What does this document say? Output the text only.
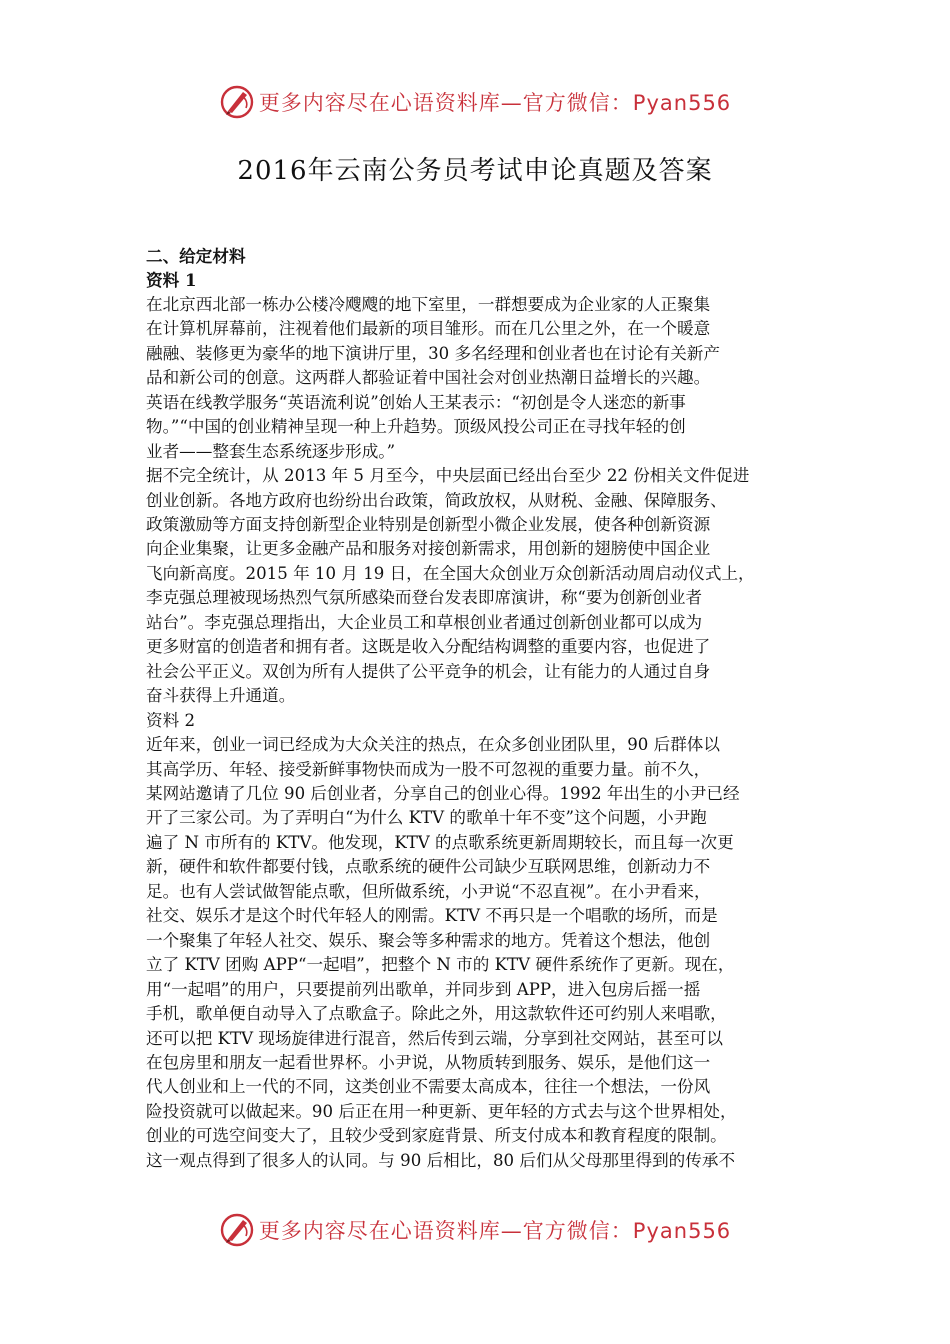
更多内容尽在心语资料库—官方微信：Pyan556
2016年云南公务员考试申论真题及答案
二、给定材料
资料 1
在北京西北部一栋办公楼冷飕飕的地下室里，一群想要成为企业家的人正聚集
在计算机屏幕前，注视着他们最新的项目雏形。而在几公里之外，在一个暖意
融融、装修更为豪华的地下演讲厅里，30 多名经理和创业者也在讨论有关新产
品和新公司的创意。这两群人都验证着中国社会对创业热潮日益增长的兴趣。
英语在线教学服务“英语流利说”创始人王某表示：“初创是令人迷恋的新事
物。”“中国的创业精神呈现一种上升趋势。顶级风投公司正在寻找年轻的创
业者——整套生态系统逐步形成。”
据不完全统计，从 2013 年 5 月至今，中央层面已经出台至少 22 份相关文件促进
创业创新。各地方政府也纷纷出台政策，简政放权，从财税、金融、保障服务、
政策激励等方面支持创新型企业特别是创新型小微企业发展，使各种创新资源
向企业集聚，让更多金融产品和服务对接创新需求，用创新的翅膀使中国企业
飞向新高度。2015 年 10 月 19 日，在全国大众创业万众创新活动周启动仪式上，
李克强总理被现场热烈气氛所感染而登台发表即席演讲，称“要为创新创业者
站台”。李克强总理指出，大企业员工和草根创业者通过创新创业都可以成为
更多财富的创造者和拥有者。这既是收入分配结构调整的重要内容，也促进了
社会公平正义。双创为所有人提供了公平竞争的机会，让有能力的人通过自身
奋斗获得上升通道。
资料 2
近年来，创业一词已经成为大众关注的热点，在众多创业团队里，90 后群体以
其高学历、年轻、接受新鲜事物快而成为一股不可忽视的重要力量。前不久，
某网站邀请了几位 90 后创业者，分享自己的创业心得。1992 年出生的小尹已经
开了三家公司。为了弄明白“为什么 KTV 的歌单十年不变”这个问题，小尹跑
遍了 N 市所有的 KTV。他发现，KTV 的点歌系统更新周期较长，而且每一次更
新，硬件和软件都要付钱，点歌系统的硬件公司缺少互联网思维，创新动力不
足。也有人尝试做智能点歌，但所做系统，小尹说“不忍直视”。在小尹看来，
社交、娱乐才是这个时代年轻人的刚需。KTV 不再只是一个唱歌的场所，而是
一个聚集了年轻人社交、娱乐、聚会等多种需求的地方。凭着这个想法，他创
立了 KTV 团购 APP“一起唱”，把整个 N 市的 KTV 硬件系统作了更新。现在，
用“一起唱”的用户，只要提前列出歌单，并同步到 APP，进入包房后摇一摇
手机，歌单便自动导入了点歌盒子。除此之外，用这款软件还可约别人来唱歌，
还可以把 KTV 现场旋律进行混音，然后传到云端，分享到社交网站，甚至可以
在包房里和朋友一起看世界杯。小尹说，从物质转到服务、娱乐，是他们这一
代人创业和上一代的不同，这类创业不需要太高成本，往往一个想法，一份风
险投资就可以做起来。90 后正在用一种更新、更年轻的方式去与这个世界相处，
创业的可选空间变大了，且较少受到家庭背景、所支付成本和教育程度的限制。
这一观点得到了很多人的认同。与 90 后相比，80 后们从父母那里得到的传承不
更多内容尽在心语资料库—官方微信：Pyan556
